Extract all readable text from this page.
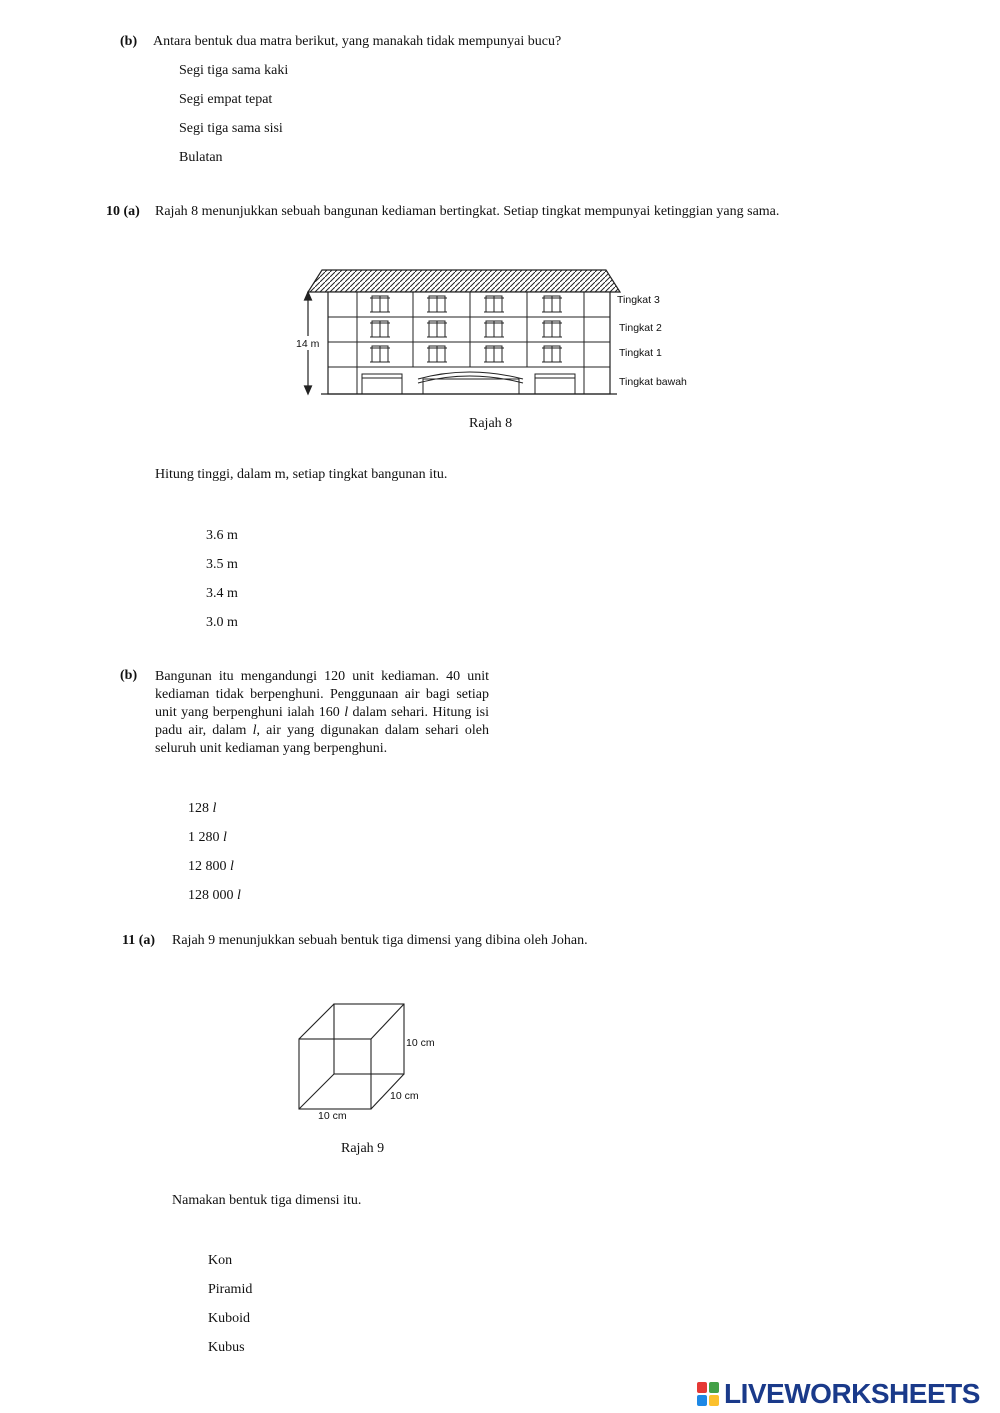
(b) Antara bentuk dua matra berikut, yang manakah tidak mempunyai bucu?
Segi tiga sama kaki
Segi empat tepat
Segi tiga sama sisi
Bulatan
10 (a) Rajah 8 menunjukkan sebuah bangunan kediaman bertingkat. Setiap tingkat mempunyai ketinggian yang sama.
14 m
Tingkat 3
Tingkat 2
Tingkat 1
Tingkat bawah
Rajah 8
Hitung tinggi, dalam m, setiap tingkat bangunan itu.
3.6 m
3.5 m
3.4 m
3.0 m
(b) Bangunan itu mengandungi 120 unit kediaman. 40 unit kediaman tidak berpenghuni. Penggunaan air bagi setiap unit yang berpenghuni ialah 160 l dalam sehari. Hitung isi padu air, dalam l, air yang digunakan dalam sehari oleh seluruh unit kediaman yang berpenghuni.
128 l
1 280 l
12 800 l
128 000 l
11 (a) Rajah 9 menunjukkan sebuah bentuk tiga dimensi yang dibina oleh Johan.
10 cm
10 cm
10 cm
Rajah 9
Namakan bentuk tiga dimensi itu.
Kon
Piramid
Kuboid
Kubus
LIVEWORKSHEETS
